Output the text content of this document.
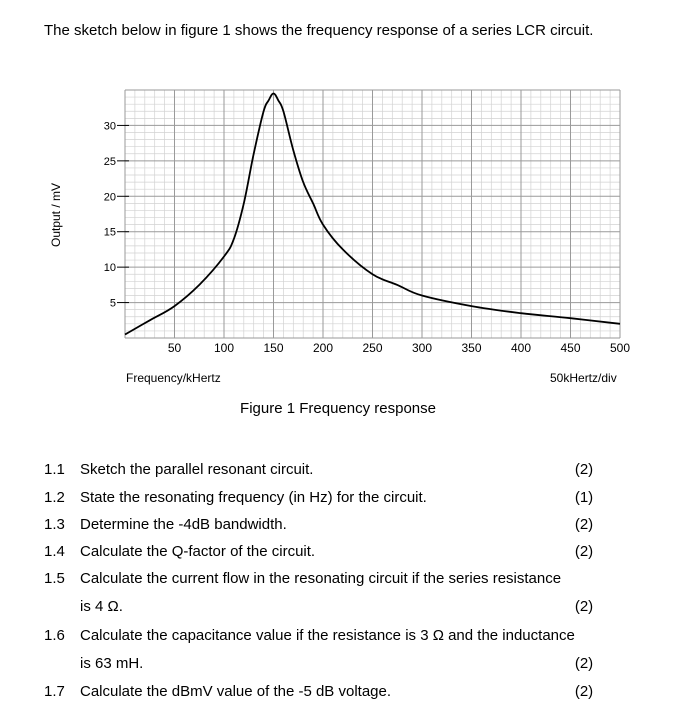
The sketch below in figure 1 shows the frequency response of a series LCR circuit.
5
10
15
20
25
30
50	100 150 200 250 300 350 400 450 500
Output / mV
Frequency/kHertz	50kHertz/div
Figure 1 Frequency response
1.1 Sketch the parallel resonant circuit.	(2)
1.2 State the resonating frequency (in Hz) for the circuit.	(1)
1.3 Determine the -4dB bandwidth.	(2)
1.4 Calculate the Q-factor of the circuit.	(2)
1.5 Calculate the current flow in the resonating circuit if the series resistance
is 4 Ω.	(2)
1.6 Calculate the capacitance value if the resistance is 3 Ω and the inductance
is 63 mH.	(2)
1.7 Calculate the dBmV value of the -5 dB voltage.	(2)
